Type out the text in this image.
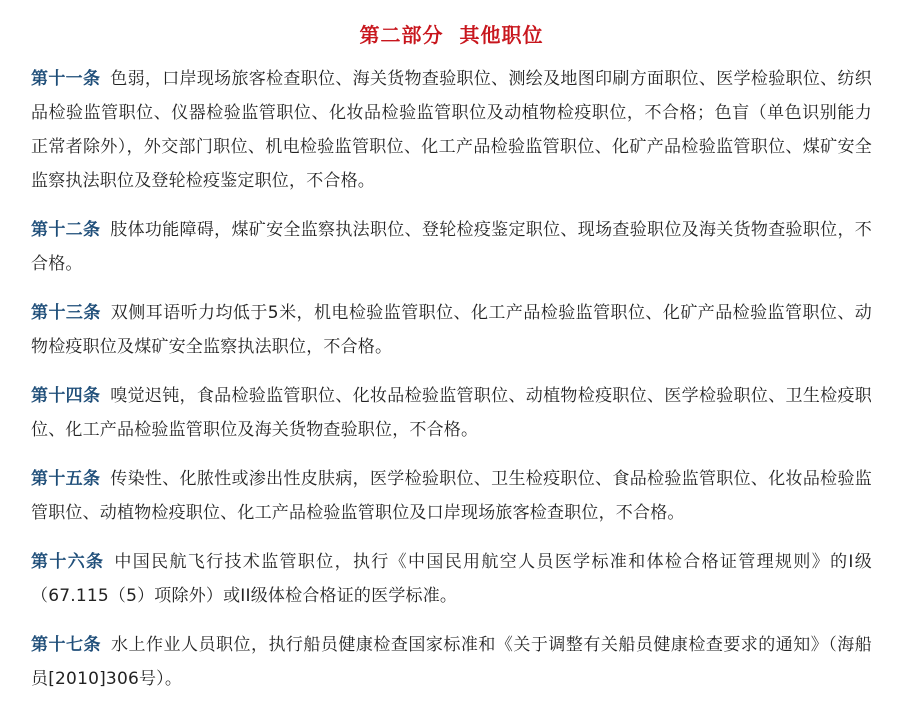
第二部分  其他职位
第十一条 色弱，口岸现场旅客检查职位、海关货物查验职位、测绘及地图印刷方面职位、医学检验职位、纺织品检验监管职位、仪器检验监管职位、化妆品检验监管职位及动植物检疫职位，不合格；色盲（单色识别能力正常者除外），外交部门职位、机电检验监管职位、化工产品检验监管职位、化矿产品检验监管职位、煤矿安全监察执法职位及登轮检疫鉴定职位，不合格。
第十二条 肢体功能障碍，煤矿安全监察执法职位、登轮检疫鉴定职位、现场查验职位及海关货物查验职位，不合格。
第十三条 双侧耳语听力均低于5米，机电检验监管职位、化工产品检验监管职位、化矿产品检验监管职位、动物检疫职位及煤矿安全监察执法职位，不合格。
第十四条 嗅觉迟钝，食品检验监管职位、化妆品检验监管职位、动植物检疫职位、医学检验职位、卫生检疫职位、化工产品检验监管职位及海关货物查验职位，不合格。
第十五条 传染性、化脓性或渗出性皮肤病，医学检验职位、卫生检疫职位、食品检验监管职位、化妆品检验监管职位、动植物检疫职位、化工产品检验监管职位及口岸现场旅客检查职位，不合格。
第十六条 中国民航飞行技术监管职位，执行《中国民用航空人员医学标准和体检合格证管理规则》的I级（67.115（5）项除外）或II级体检合格证的医学标准。
第十七条 水上作业人员职位，执行船员健康检查国家标准和《关于调整有关船员健康检查要求的通知》（海船员[2010]306号）。
